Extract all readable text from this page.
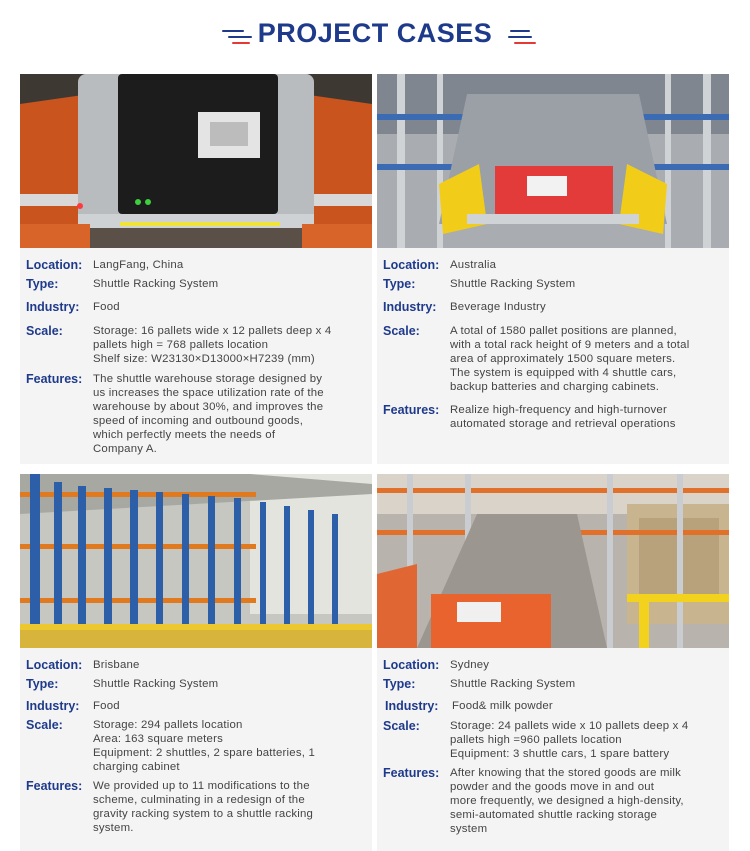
PROJECT CASES
Location: LangFang, China
Type:	Shuttle Racking System
Industry: Food
Scale:	Storage: 16 pallets wide x 12 pallets deep x 4
pallets high = 768 pallets location
Shelf size: W23130×D13000×H7239 (mm)
Features: The shuttle warehouse storage designed by
us increases the space utilization rate of the
warehouse by about 30%, and improves the
speed of incoming and outbound goods,
which perfectly meets the needs of
Company A.
Location: Australia
Type:	Shuttle Racking System
Industry: Beverage Industry
Scale:	A total of 1580 pallet positions are planned,
with a total rack height of 9 meters and a total
area of approximately 1500 square meters.
The system is equipped with 4 shuttle cars,
backup batteries and charging cabinets.
Features: Realize high-frequency and high-turnover
automated storage and retrieval operations
Location: Brisbane
Type:	Shuttle Racking System
Industry: Food
Scale:	Storage: 294 pallets location
Area: 163 square meters
Equipment: 2 shuttles, 2 spare batteries, 1
charging cabinet
Features: We provided up to 11 modifications to the
scheme, culminating in a redesign of the
gravity racking system to a shuttle racking
system.
Location: Sydney
Type:	Shuttle Racking System
Industry: Food& milk powder
Scale:	Storage: 24 pallets wide x 10 pallets deep x 4
pallets high =960 pallets location
Equipment: 3 shuttle cars, 1 spare battery
Features: After knowing that the stored goods are milk
powder and the goods move in and out
more frequently, we designed a high-density,
semi-automated shuttle racking storage
system
